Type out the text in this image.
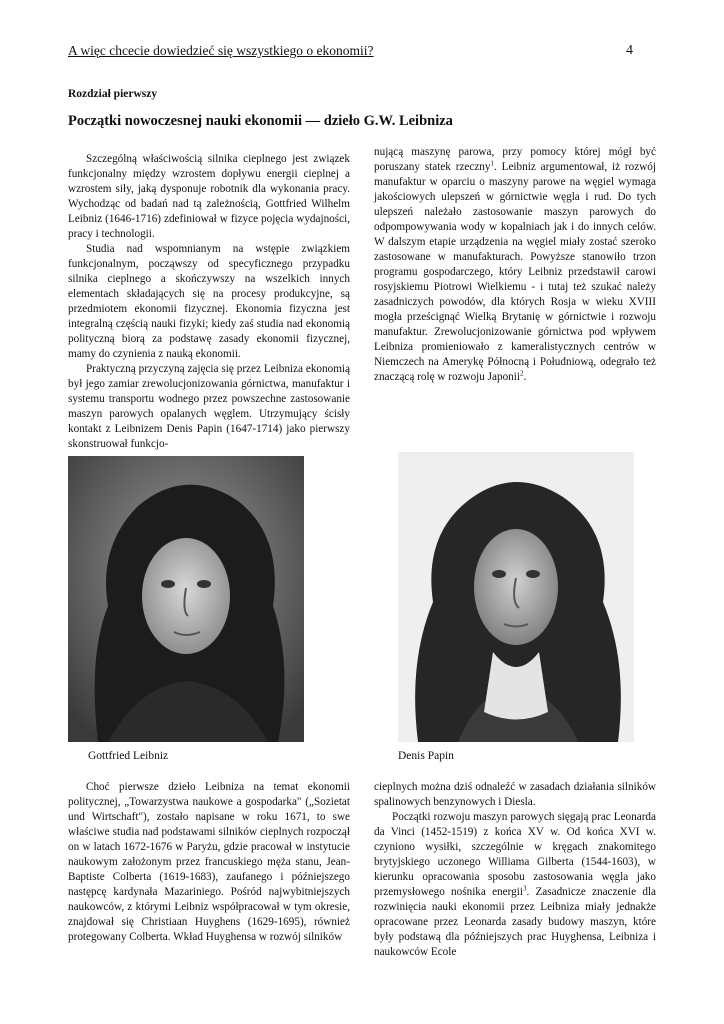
A więc chcecie dowiedzieć się wszystkiego o ekonomii?	4
Rozdział pierwszy
Początki nowoczesnej nauki ekonomii — dzieło G.W. Leibniza

Szczególną właściwością silnika cieplnego jest związek funkcjonalny między wzrostem dopływu energii cieplnej a wzrostem siły, jaką dysponuje robotnik dla wykonania pracy. Wychodząc od badań nad tą zależnością, Gottfried Wilhelm Leibniz (1646-1716) zdefiniował w fizyce pojęcia wydajności, pracy i technologii.

Studia nad wspomnianym na wstępie związkiem funkcjonalnym, począwszy od specyficznego przypadku silnika cieplnego a skończywszy na wszelkich innych elementach składających się na procesy produkcyjne, są przedmiotem ekonomii fizycznej. Ekonomia fizyczna jest integralną częścią nauki fizyki; kiedy zaś studia nad ekonomią polityczną biorą za podstawę zasady ekonomii fizycznej, mamy do czynienia z nauką ekonomii.

Praktyczną przyczyną zajęcia się przez Leibniza ekonomią był jego zamiar zrewolucjonizowania górnictwa, manufaktur i systemu transportu wodnego przez powszechne zastosowanie maszyn parowych opalanych węglem. Utrzymujący ścisły kontakt z Leibnizem Denis Papin (1647-1714) jako pierwszy skonstruował funkcjo-

nującą maszynę parowa, przy pomocy której mógł być poruszany statek rzeczny$^1$. Leibniz argumentował, iż rozwój manufaktur w oparciu o maszyny parowe na węgiel wymaga jakościowych ulepszeń w górnictwie węgla i rud. Do tych ulepszeń należało zastosowanie maszyn parowych do odpompowywania wody w kopalniach jak i do innych celów. W dalszym etapie urządzenia na węgiel miały zostać szeroko zastosowane w manufakturach. Powyższe stanowiło trzon programu gospodarczego, który Leibniz przedstawił carowi rosyjskiemu Piotrowi Wielkiemu - i tutaj też szukać należy zasadniczych powodów, dla których Rosja w wieku XVIII mogła prześcignąć Wielką Brytanię w górnictwie i rozwoju manufaktur. Zrewolucjonizowanie górnictwa pod wpływem Leibniza promieniowało z kameralistycznych centrów w Niemczech na Amerykę Północną i Południową, odegrało też znaczącą rolę w rozwoju Japonii$^2$.

Gottfried Leibniz	Denis Papin

Choć pierwsze dzieło Leibniza na temat ekonomii politycznej, „Towarzystwa naukowe a gospodarka" („Sozietat und Wirtschaft"), zostało napisane w roku 1671, to swe właściwe studia nad podstawami silników cieplnych rozpoczął on w latach 1672-1676 w Paryżu, gdzie pracował w instytucie naukowym założonym przez francuskiego męża stanu, Jean-Baptiste Colberta (1619-1683), zaufanego i późniejszego następcę kardynała Mazariniego. Pośród najwybitniejszych naukowców, z którymi Leibniz współpracował w tym okresie, znajdował się Christiaan Huyghens (1629-1695), również protegowany Colberta. Wkład Huyghensa w rozwój silników

cieplnych można dziś odnaleźć w zasadach działania silników spalinowych benzynowych i Diesla.

Początki rozwoju maszyn parowych sięgają prac Leonarda da Vinci (1452-1519) z końca XV w. Od końca XVI w. czyniono wysiłki, szczególnie w kręgach znakomitego brytyjskiego uczonego Williama Gilberta (1544-1603), w kierunku opracowania sposobu zastosowania węgla jako przemysłowego nośnika energii$^3$. Zasadnicze znaczenie dla rozwinięcia nauki ekonomii przez Leibniza miały jednakże opracowane przez Leonarda zasady budowy maszyn, które były podstawą dla późniejszych prac Huyghensa, Leibniza i naukowców Ecole
